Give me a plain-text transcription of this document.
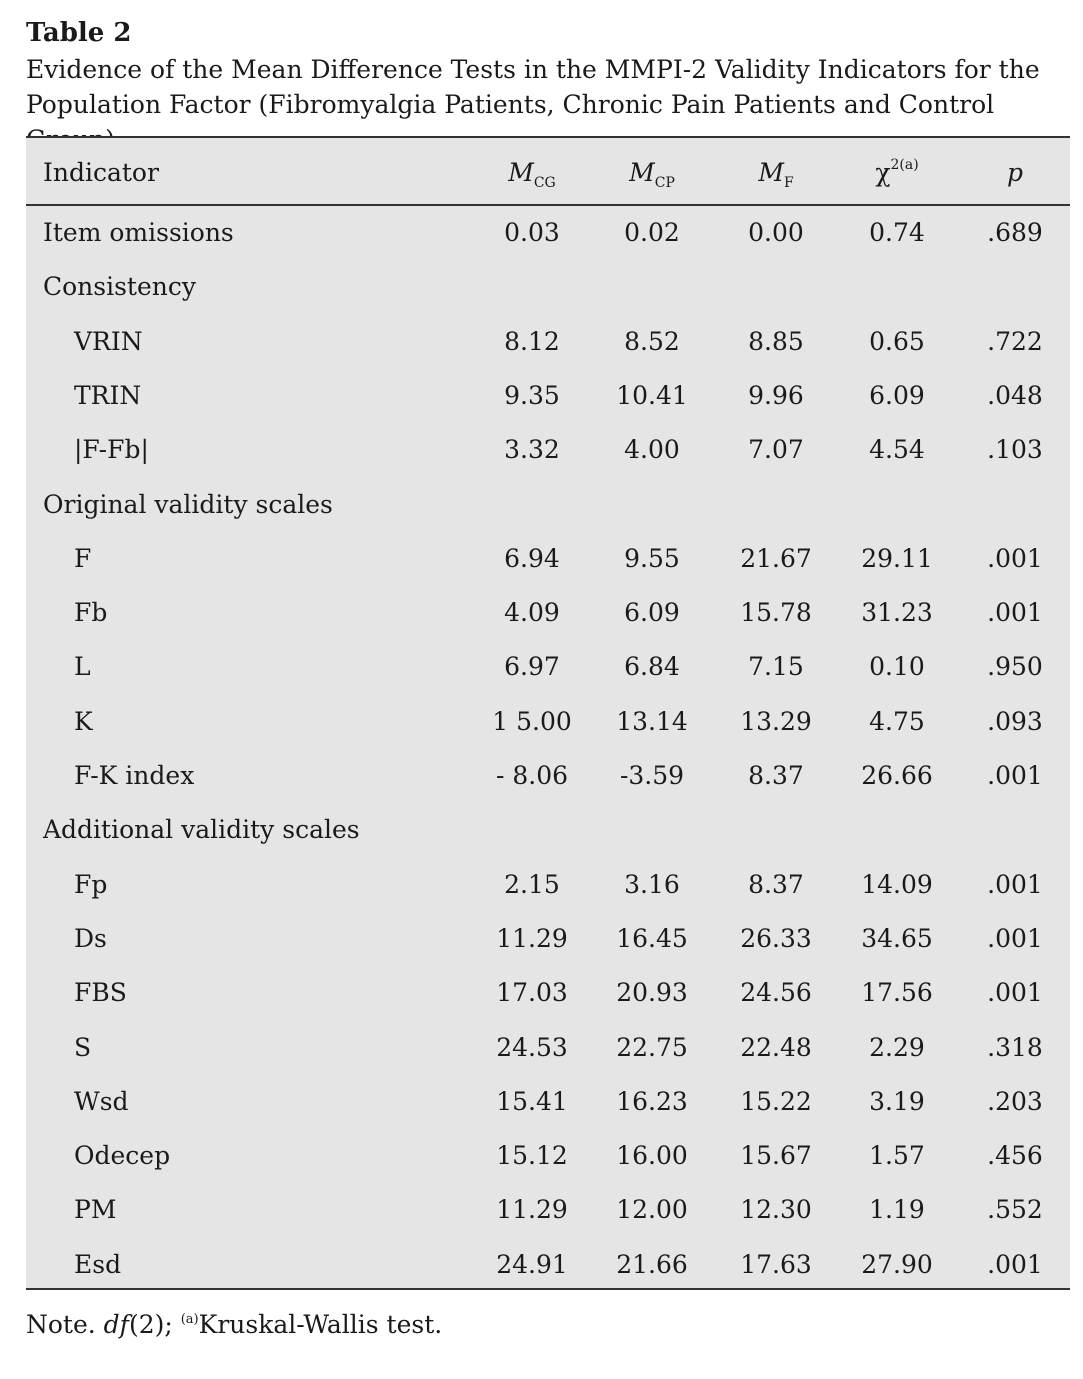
Table 2
Evidence of the Mean Difference Tests in the MMPI-2 Validity Indicators for the
Population Factor (Fibromyalgia Patients, Chronic Pain Patients and Control
Indicator	$M_{CG}$	$M_{CP}$	$M_F$	$\chi^{2(a)}$	p
Item omissions	0.03	0.02	0.00	0.74	.689
Consistency
VRIN	8.12	8.52	8.85	0.65	.722
TRIN	9.35	10.41	9.96	6.09	.048
|F-Fb|	3.32	4.00	7.07	4.54	.103
Original validity scales
F	6.94	9.55	21.67	29.11	.001
Fb	4.09	6.09	15.78	31.23	.001
L	6.97	6.84	7.15	0.10	.950
K	1 5.00	13.14	13.29	4.75	.093
F-K index	- 8.06	-3.59	8.37	26.66	.001
Additional validity scales
Fp	2.15	3.16	8.37	14.09	.001
Ds	11.29	16.45	26.33	34.65	.001
FBS	17.03	20.93	24.56	17.56	.001
S	24.53	22.75	22.48	2.29	.318
Wsd	15.41	16.23	15.22	3.19	.203
Odecep	15.12	16.00	15.67	1.57	.456
PM	11.29	12.00	12.30	1.19	.552
Esd	24.91	21.66	17.63	27.90	.001
Note. df(2); $^{(a)}$Kruskal-Wallis test.
